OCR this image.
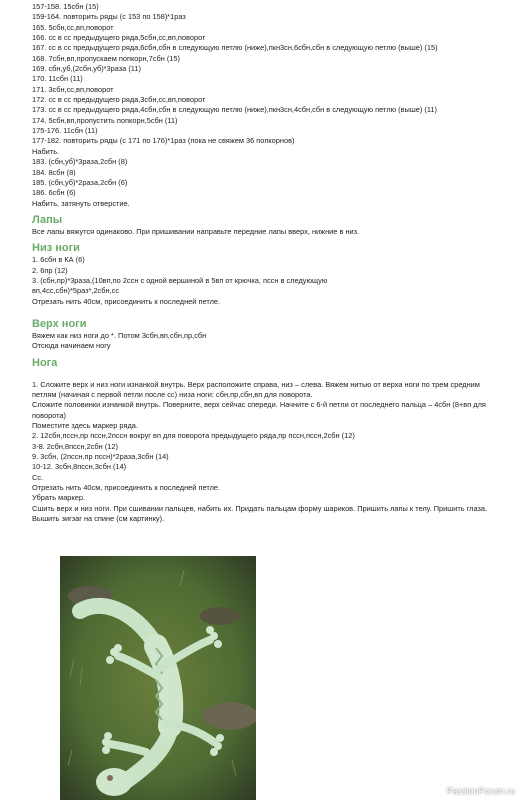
157-158. 15сбн (15)

159-164. повторить ряды (с 153 по 158)*1раз

165. 5сбн,сс,вп,поворот

166. сс в сс предыдущего ряда,5сбн,сс,вп,поворот

167. сс в сс предыдущего ряда,6сбн,сбн в следующую петлю (ниже),пкн3сн,6сбн,сбн в следующую петлю (выше) (15)

168. 7сбн,вп,пропускаем попкорн,7сбн (15)

169. сбн,уб,(2сбн,уб)*3раза (11)

170. 11сбн (11)

171. 3сбн,сс,вп,поворот

172. сс в сс предыдущего ряда,3сбн,сс,вп,поворот

173. сс в сс предыдущего ряда,4сбн,сбн в следующую петлю (ниже),пкн3сн,4сбн,сбн в следующую петлю (выше) (11)

174. 5сбн,вп,пропустить попкорн,5сбн (11)

175-176. 11сбн (11)

177-182. повторить ряды (с 171 по 176)*1раз (пока не свяжем 36 попкорнов)

Набить.

183. (сбн,уб)*3раза,2сбн (8)

184. 8сбн (8)

185. (сбн,уб)*2раза,2сбн (6)

186. 6сбн (6)

Набить, затянуть отверстие.

Лапы

Все лапы вяжутся одинаково. При пришивании направьте передние лапы вверх, нижние в низ.

Низ ноги

1. 6сбн в КА (6)

2. 6пр (12)

3. (сбн,пр)*3раза,(10вп,по 2ссн с одной вершиной в 5вп от крючка, пссн в следующую

вп,4сс,сбн)*5раз*,2сбн,сс

Отрезать нить 40см, присоединить к последней петле.

Верх ноги

Вяжем как низ ноги до *. Потом 3сбн,вп,сбн,пр,сбн

Отсюда начинаем ногу

Нога

1. Сложите верх и низ ноги изнанкой внутрь. Верх расположите справа, низ – слева. Вяжем нитью от верха ноги по трем средним петлям (начиная с первой петли после сс) низа ноги: сбн,пр,сбн,вп для поворота.

Сложите половинки изнанкой внутрь. Поверните, верх сейчас спереди. Начните с 6-й петли от последнего пальца – 4сбн (8+вп для поворота)

Поместите здесь маркер ряда.

2. 12сбн,пссн,пр пссн,2пссн вокруг вп для поворота предыдущего ряда,пр пссн,пссн,2сбн (12)

3-8. 2сбн,8пссн,2сбн (12)

9. 3сбн, (2пссн,пр пссн)*2раза,3сбн (14)

10-12. 3сбн,8пссн,3сбн (14)

Сс.

Отрезать нить 40см, присоединить к последней петле.

Убрать маркер.

Сшить верх и низ ноги. При сшивании пальцев, набить их. Придать пальцам форму шариков. Пришить лапы к телу. Пришить глаза. Вышить зигзаг на спине (см картинку).

PassionForum.ru
